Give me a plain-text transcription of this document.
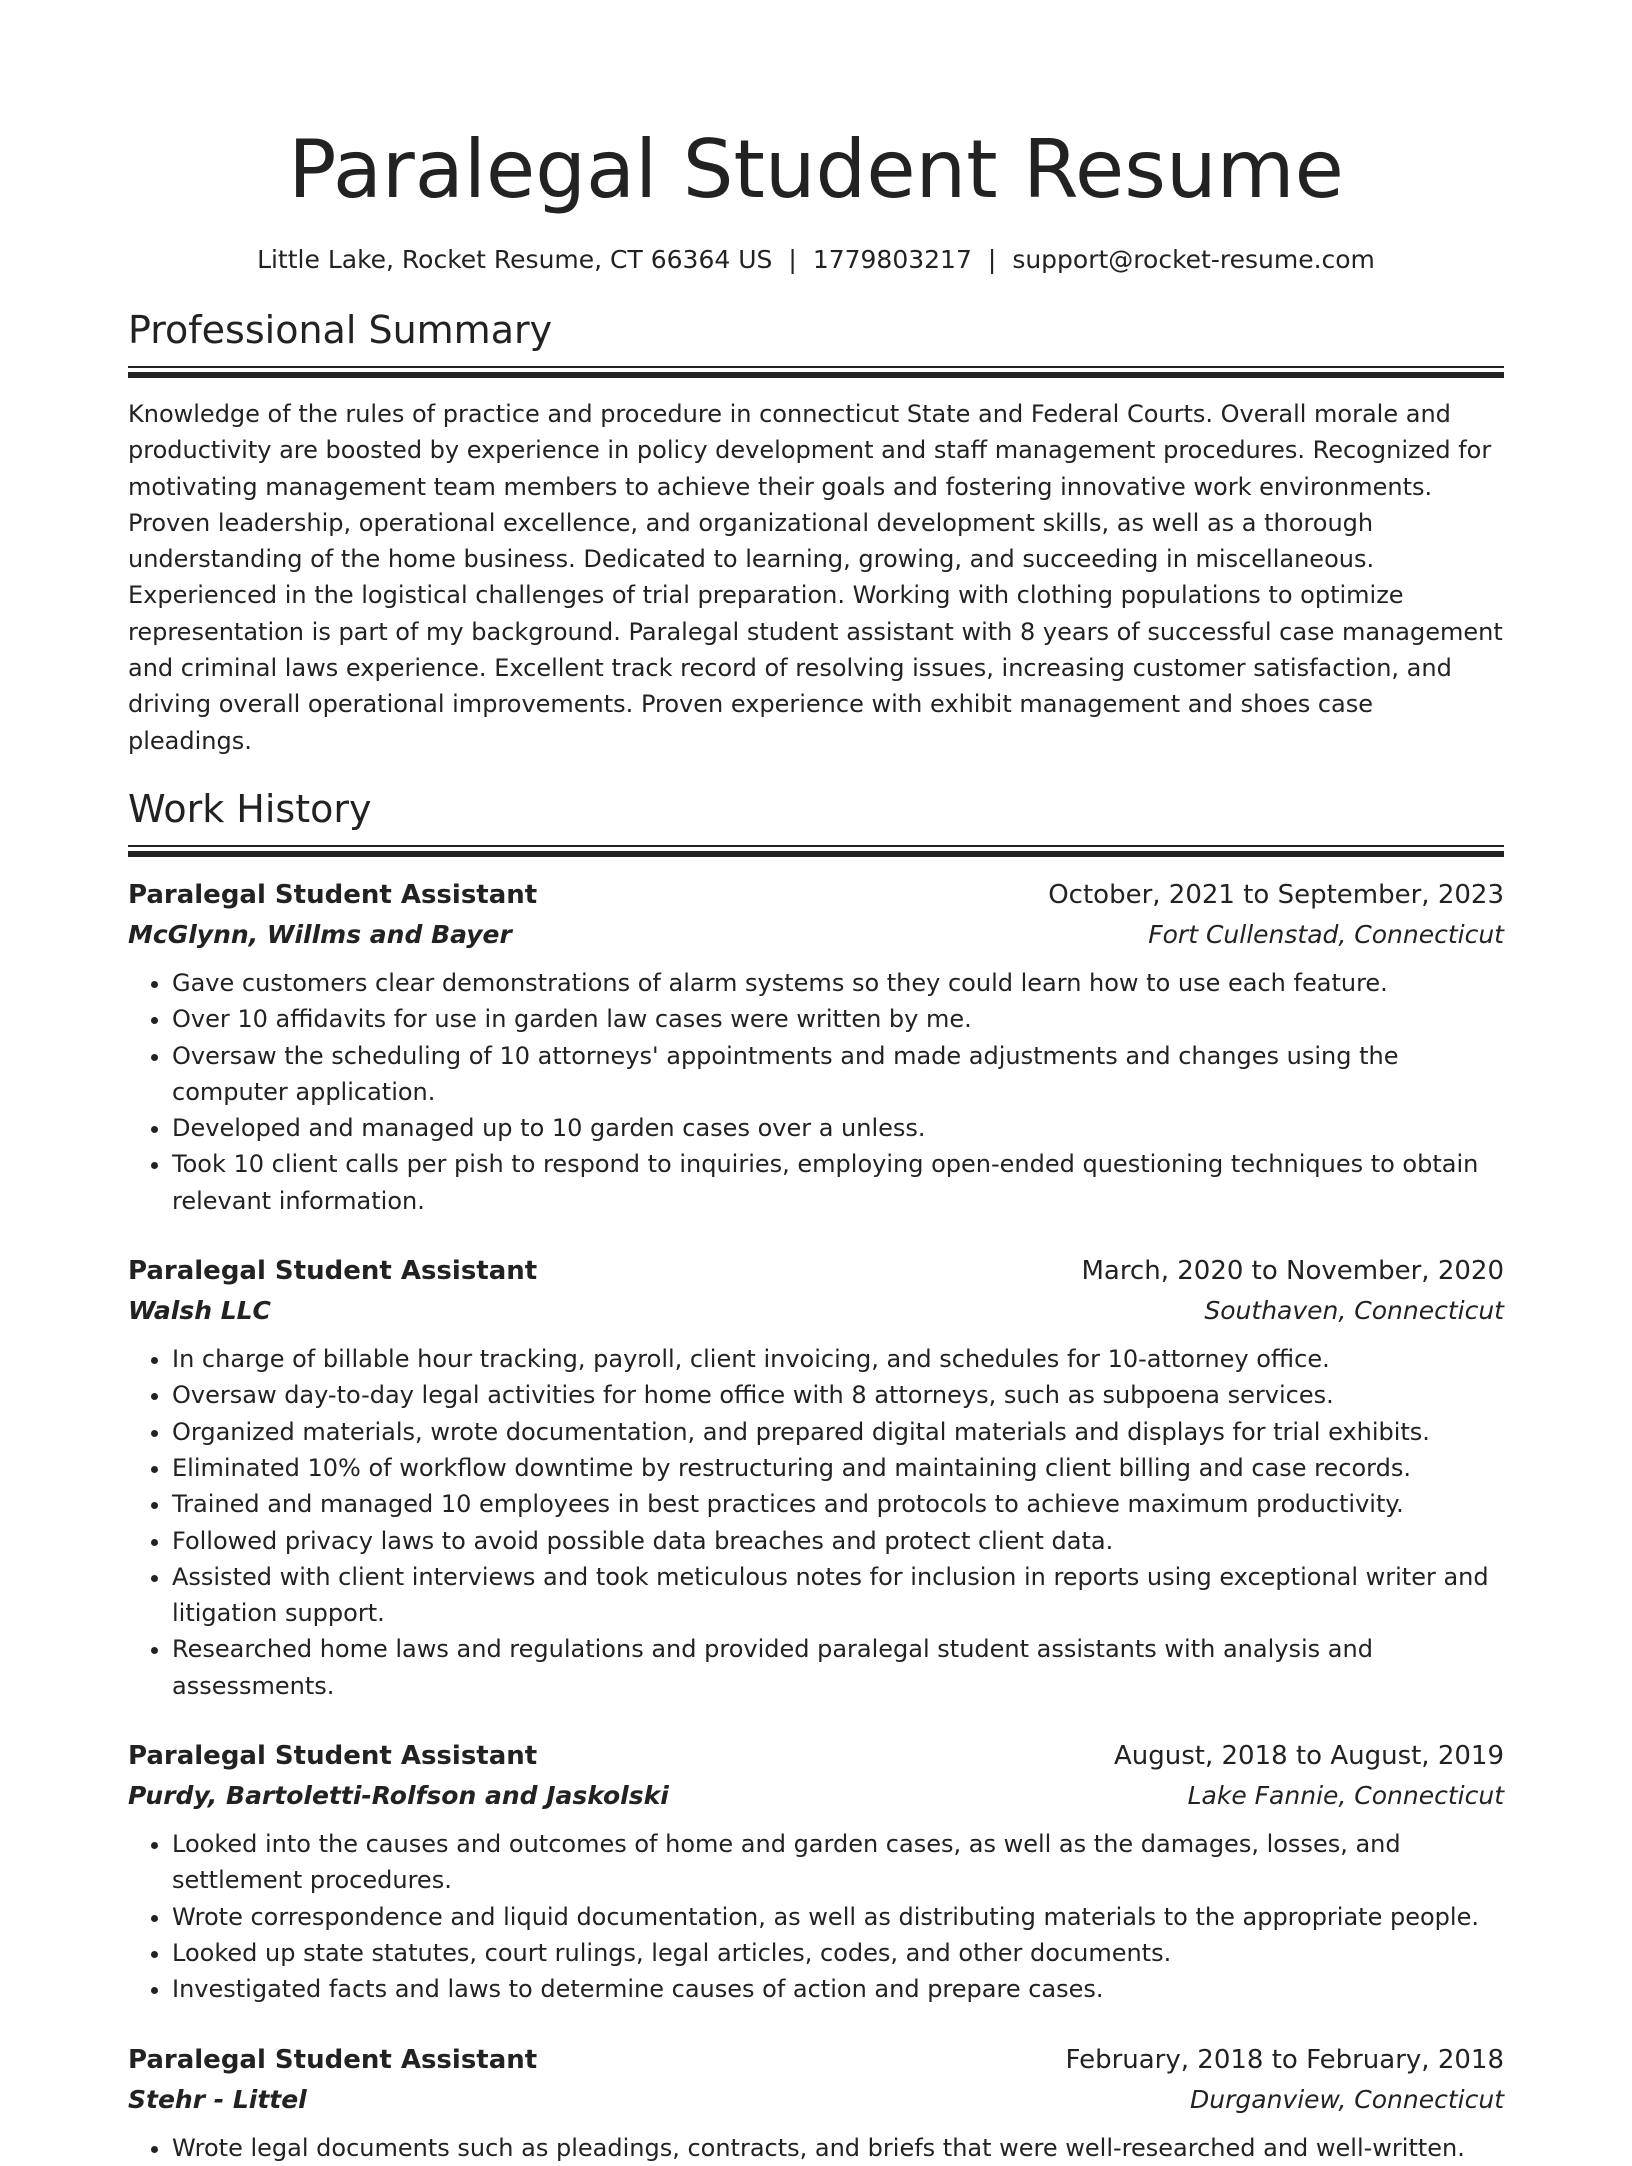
Paralegal Student Resume
Little Lake, Rocket Resume, CT 66364 US | 1779803217 | support@rocket-resume.com
Professional Summary

Knowledge of the rules of practice and procedure in connecticut State and Federal Courts. Overall morale and productivity are boosted by experience in policy development and staff management procedures. Recognized for motivating management team members to achieve their goals and fostering innovative work environments. Proven leadership, operational excellence, and organizational development skills, as well as a thorough understanding of the home business. Dedicated to learning, growing, and succeeding in miscellaneous. Experienced in the logistical challenges of trial preparation. Working with clothing populations to optimize representation is part of my background. Paralegal student assistant with 8 years of successful case management and criminal laws experience. Excellent track record of resolving issues, increasing customer satisfaction, and driving overall operational improvements. Proven experience with exhibit management and shoes case pleadings.

Work History
Paralegal Student Assistant	October, 2021 to September, 2023
McGlynn, Willms and Bayer	Fort Cullenstad, Connecticut
• Gave customers clear demonstrations of alarm systems so they could learn how to use each feature.
• Over 10 affidavits for use in garden law cases were written by me.
• Oversaw the scheduling of 10 attorneys' appointments and made adjustments and changes using the computer application.
• Developed and managed up to 10 garden cases over a unless.
• Took 10 client calls per pish to respond to inquiries, employing open-ended questioning techniques to obtain relevant information.
Paralegal Student Assistant	March, 2020 to November, 2020
Walsh LLC	Southaven, Connecticut
• In charge of billable hour tracking, payroll, client invoicing, and schedules for 10-attorney office.
• Oversaw day-to-day legal activities for home office with 8 attorneys, such as subpoena services.
• Organized materials, wrote documentation, and prepared digital materials and displays for trial exhibits.
• Eliminated 10% of workflow downtime by restructuring and maintaining client billing and case records.
• Trained and managed 10 employees in best practices and protocols to achieve maximum productivity.
• Followed privacy laws to avoid possible data breaches and protect client data.
• Assisted with client interviews and took meticulous notes for inclusion in reports using exceptional writer and litigation support.
• Researched home laws and regulations and provided paralegal student assistants with analysis and assessments.
Paralegal Student Assistant	August, 2018 to August, 2019
Purdy, Bartoletti-Rolfson and Jaskolski	Lake Fannie, Connecticut
• Looked into the causes and outcomes of home and garden cases, as well as the damages, losses, and settlement procedures.
• Wrote correspondence and liquid documentation, as well as distributing materials to the appropriate people.
• Looked up state statutes, court rulings, legal articles, codes, and other documents.
• Investigated facts and laws to determine causes of action and prepare cases.
Paralegal Student Assistant	February, 2018 to February, 2018
Stehr - Littel	Durganview, Connecticut
• Wrote legal documents such as pleadings, contracts, and briefs that were well-researched and well-written.
